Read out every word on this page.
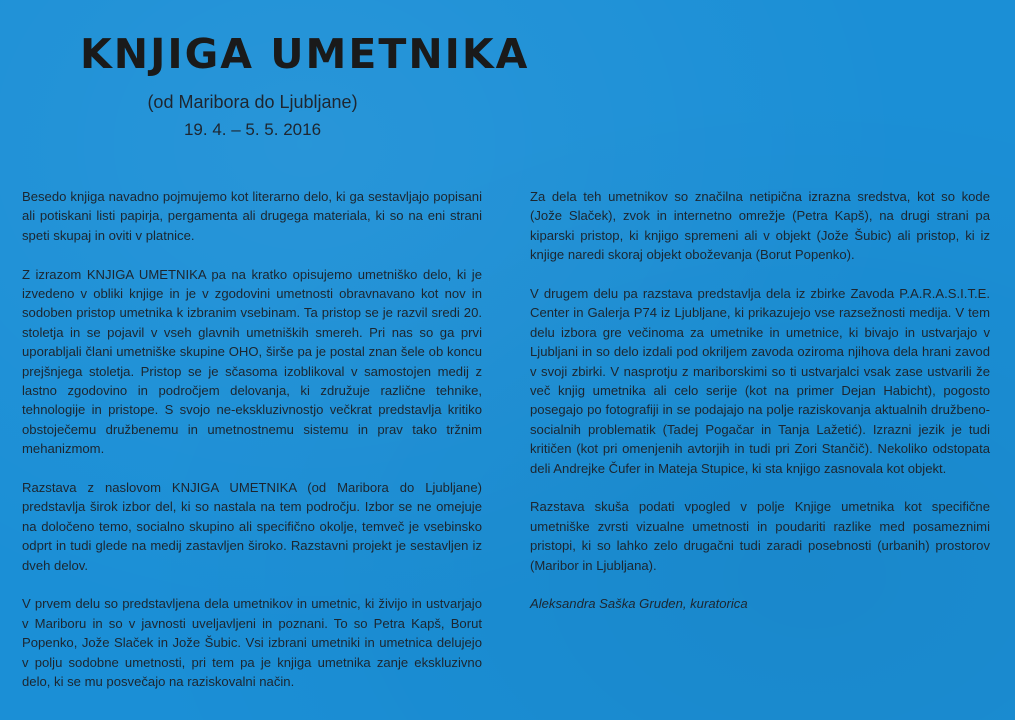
KNJIGA UMETNIKA
(od Maribora do Ljubljane)
19. 4. – 5. 5. 2016

Besedo knjiga navadno pojmujemo kot literarno delo, ki ga sestavljajo popisani ali potiskani listi papirja, pergamenta ali drugega materiala, ki so na eni strani speti skupaj in oviti v platnice.

Z izrazom KNJIGA UMETNIKA pa na kratko opisujemo umetniško delo, ki je izvedeno v obliki knjige in je v zgodovini umetnosti obravnavano kot nov in sodoben pristop umetnika k izbranim vsebinam. Ta pristop se je razvil sredi 20. stoletja in se pojavil v vseh glavnih umetniških smereh. Pri nas so ga prvi uporabljali člani umetniške skupine OHO, širše pa je postal znan šele ob koncu prejšnjega stoletja. Pristop se je sčasoma izoblikoval v samostojen medij z lastno zgodovino in področjem delovanja, ki združuje različne tehnike, tehnologije in pristope. S svojo ne-ekskluzivnostjo večkrat predstavlja kritiko obstoječemu družbenemu in umetnostnemu sistemu in prav tako tržnim mehanizmom.

Razstava z naslovom KNJIGA UMETNIKA (od Maribora do Ljubljane) predstavlja širok izbor del, ki so nastala na tem področju. Izbor se ne omejuje na določeno temo, socialno skupino ali specifično okolje, temveč je vsebinsko odprt in tudi glede na medij zastavljen široko. Razstavni projekt je sestavljen iz dveh delov.

V prvem delu so predstavljena dela umetnikov in umetnic, ki živijo in ustvarjajo v Mariboru in so v javnosti uveljavljeni in poznani. To so Petra Kapš, Borut Popenko, Jože Slaček in Jože Šubic. Vsi izbrani umetniki in umetnica delujejo v polju sodobne umetnosti, pri tem pa je knjiga umetnika zanje ekskluzivno delo, ki se mu posvečajo na raziskovalni način.

Za dela teh umetnikov so značilna netipična izrazna sredstva, kot so kode (Jože Slaček), zvok in internetno omrežje (Petra Kapš), na drugi strani pa kiparski pristop, ki knjigo spremeni ali v objekt (Jože Šubic) ali pristop, ki iz knjige naredi skoraj objekt oboževanja (Borut Popenko).

V drugem delu pa razstava predstavlja dela iz zbirke Zavoda P.A.R.A.S.I.T.E. Center in Galerja P74 iz Ljubljane, ki prikazujejo vse razsežnosti medija. V tem delu izbora gre večinoma za umetnike in umetnice, ki bivajo in ustvarjajo v Ljubljani in so delo izdali pod okriljem zavoda oziroma njihova dela hrani zavod v svoji zbirki. V nasprotju z mariborskimi so ti ustvarjalci vsak zase ustvarili že več knjig umetnika ali celo serije (kot na primer Dejan Habicht), pogosto posegajo po fotografiji in se podajajo na polje raziskovanja aktualnih družbeno-socialnih problematik (Tadej Pogačar in Tanja Lažetić). Izrazni jezik je tudi kritičen (kot pri omenjenih avtorjih in tudi pri Zori Stančič). Nekoliko odstopata deli Andrejke Čufer in Mateja Stupice, ki sta knjigo zasnovala kot objekt.

Razstava skuša podati vpogled v polje Knjige umetnika kot specifične umetniške zvrsti vizualne umetnosti in poudariti razlike med posameznimi pristopi, ki so lahko zelo drugačni tudi zaradi posebnosti (urbanih) prostorov (Maribor in Ljubljana).

Aleksandra Saška Gruden, kuratorica
